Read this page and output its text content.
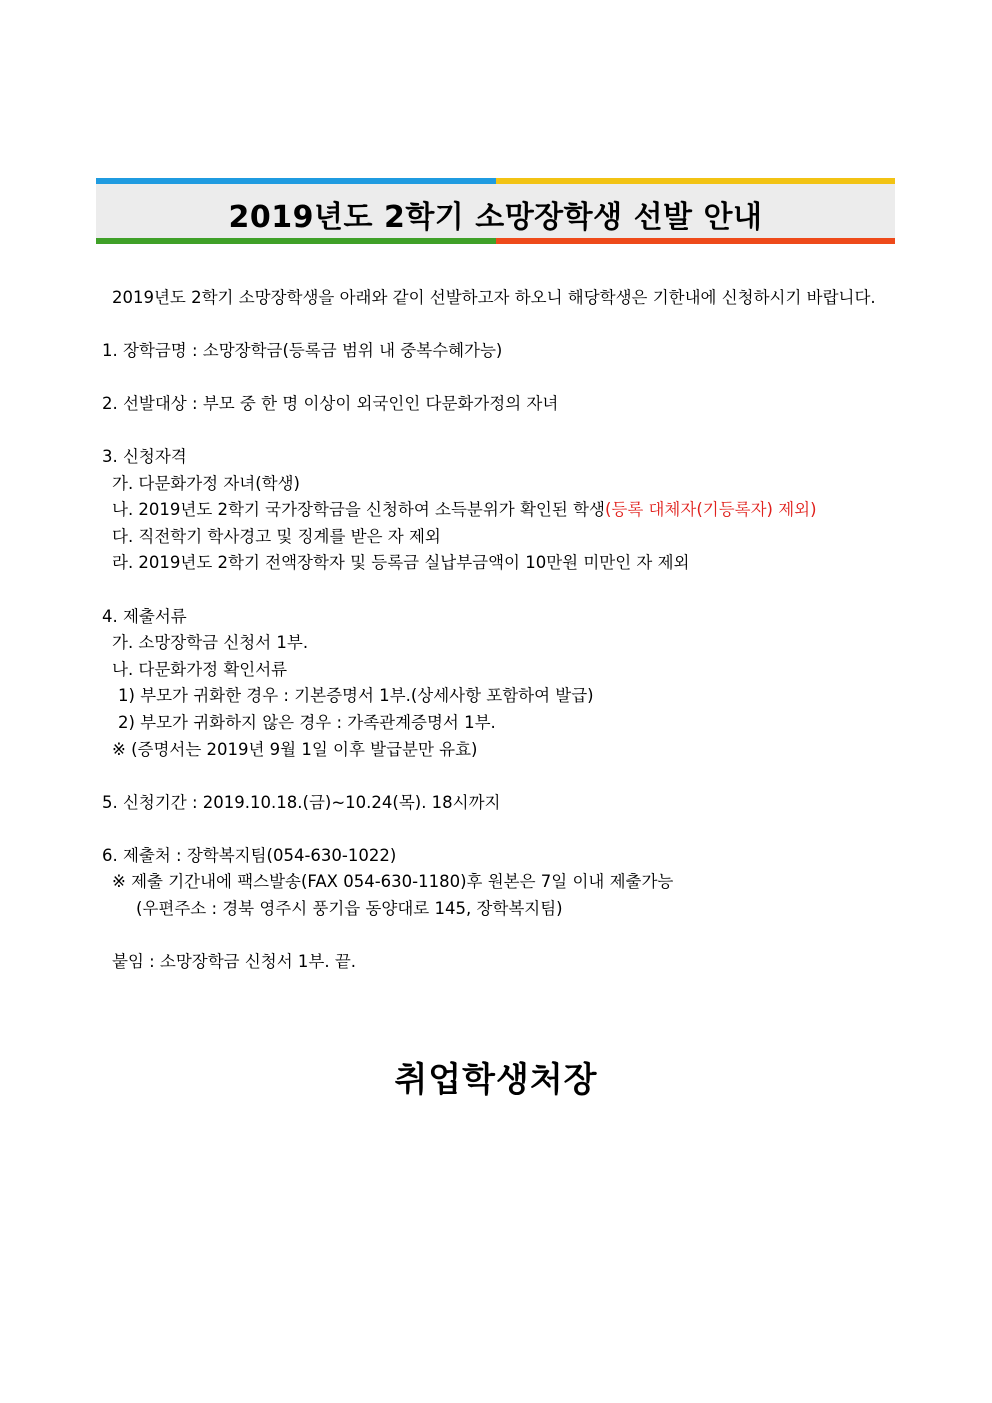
2019년도 2학기 소망장학생 선발 안내

2019년도 2학기 소망장학생을 아래와 같이 선발하고자 하오니 해당학생은 기한내에 신청하시기 바랍니다.

1. 장학금명 : 소망장학금(등록금 범위 내 중복수혜가능)

2. 선발대상 : 부모 중 한 명 이상이 외국인인 다문화가정의 자녀

3. 신청자격

가. 다문화가정 자녀(학생)

나. 2019년도 2학기 국가장학금을 신청하여 소득분위가 확인된 학생(등록 대체자(기등록자) 제외)

다. 직전학기 학사경고 및 징계를 받은 자 제외

라. 2019년도 2학기 전액장학자 및 등록금 실납부금액이 10만원 미만인 자 제외

4. 제출서류

가. 소망장학금 신청서 1부.

나. 다문화가정 확인서류

1) 부모가 귀화한 경우 : 기본증명서 1부.(상세사항 포함하여 발급)

2) 부모가 귀화하지 않은 경우 : 가족관계증명서 1부.

※ (증명서는 2019년 9월 1일 이후 발급분만 유효)

5. 신청기간 : 2019.10.18.(금)~10.24(목). 18시까지

6. 제출처 : 장학복지팀(054-630-1022)

※ 제출 기간내에 팩스발송(FAX 054-630-1180)후 원본은 7일 이내 제출가능

(우편주소 : 경북 영주시 풍기읍 동양대로 145, 장학복지팀)

붙임 : 소망장학금 신청서 1부. 끝.

취업학생처장
